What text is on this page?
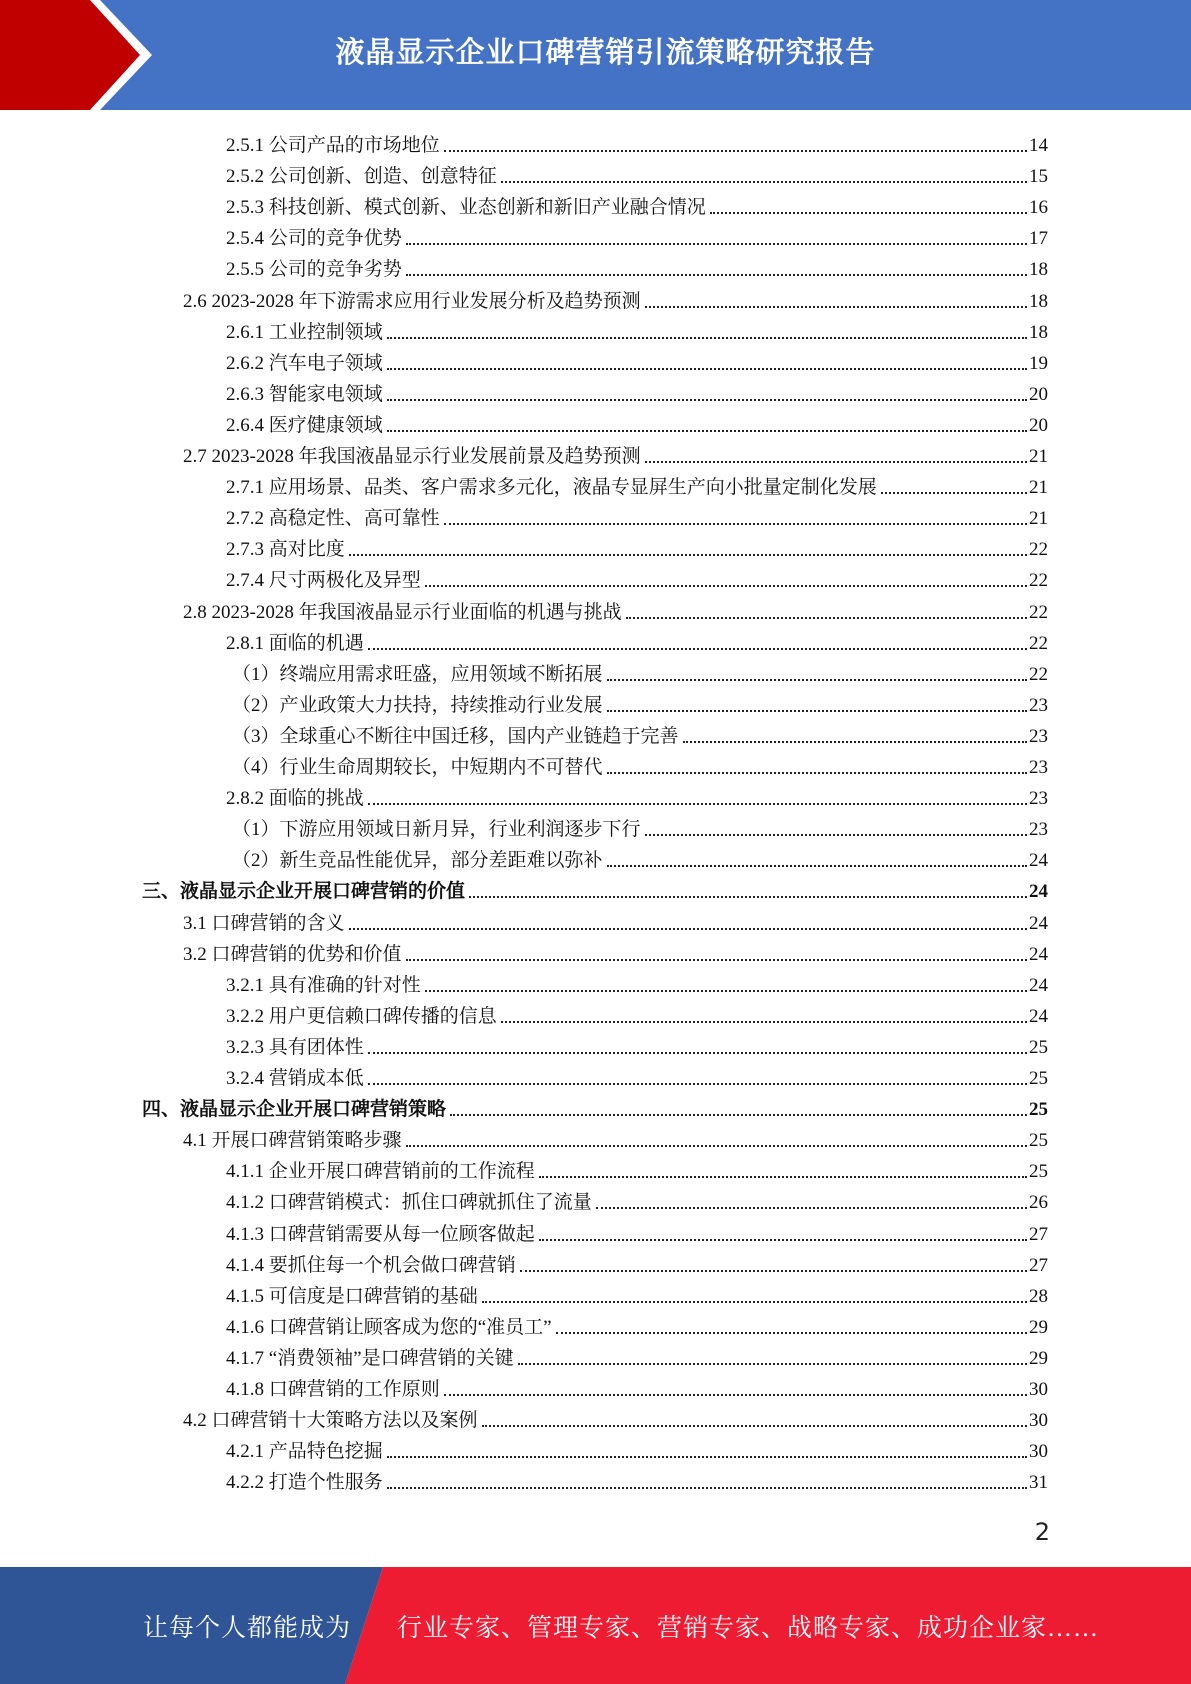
液晶显示企业口碑营销引流策略研究报告
2.5.1 公司产品的市场地位	14
2.5.2 公司创新、创造、创意特征	15
2.5.3 科技创新、模式创新、业态创新和新旧产业融合情况	16
2.5.4 公司的竞争优势	17
2.5.5 公司的竞争劣势	18
2.6 2023-2028 年下游需求应用行业发展分析及趋势预测	18
2.6.1 工业控制领域	18
2.6.2 汽车电子领域	19
2.6.3 智能家电领域	20
2.6.4 医疗健康领域	20
2.7 2023-2028 年我国液晶显示行业发展前景及趋势预测	21
2.7.1 应用场景、品类、客户需求多元化，液晶专显屏生产向小批量定制化发展	21
2.7.2 高稳定性、高可靠性	21
2.7.3 高对比度	22
2.7.4 尺寸两极化及异型	22
2.8 2023-2028 年我国液晶显示行业面临的机遇与挑战	22
2.8.1 面临的机遇	22
（1）终端应用需求旺盛，应用领域不断拓展	22
（2）产业政策大力扶持，持续推动行业发展	23
（3）全球重心不断往中国迁移，国内产业链趋于完善	23
（4）行业生命周期较长，中短期内不可替代	23
2.8.2 面临的挑战	23
（1）下游应用领域日新月异，行业利润逐步下行	23
（2）新生竞品性能优异，部分差距难以弥补	24
三、液晶显示企业开展口碑营销的价值	24
3.1 口碑营销的含义	24
3.2 口碑营销的优势和价值	24
3.2.1 具有准确的针对性	24
3.2.2 用户更信赖口碑传播的信息	24
3.2.3 具有团体性	25
3.2.4 营销成本低	25
四、液晶显示企业开展口碑营销策略	25
4.1 开展口碑营销策略步骤	25
4.1.1 企业开展口碑营销前的工作流程	25
4.1.2 口碑营销模式：抓住口碑就抓住了流量	26
4.1.3 口碑营销需要从每一位顾客做起	27
4.1.4 要抓住每一个机会做口碑营销	27
4.1.5 可信度是口碑营销的基础	28
4.1.6 口碑营销让顾客成为您的“准员工”	29
4.1.7 “消费领袖”是口碑营销的关键	29
4.1.8 口碑营销的工作原则	30
4.2 口碑营销十大策略方法以及案例	30
4.2.1 产品特色挖掘	30
4.2.2 打造个性服务	31
2
让每个人都能成为 行业专家、管理专家、营销专家、战略专家、成功企业家……
